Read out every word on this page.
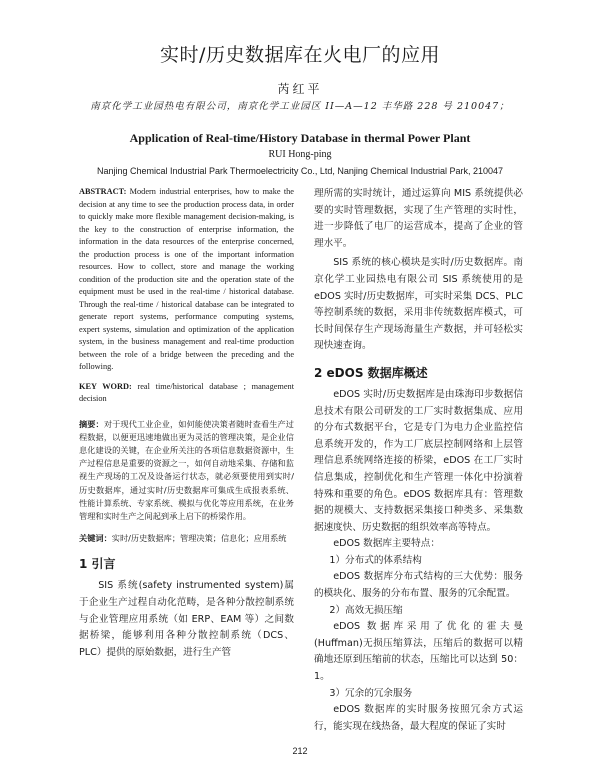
实时/历史数据库在火电厂的应用
芮红平
南京化学工业园热电有限公司，南京化学工业园区 II—A—12 丰华路 228 号 210047；
Application of Real-time/History Database in thermal Power Plant
RUI Hong-ping
Nanjing Chemical Industrial Park Thermoelectricity Co., Ltd, Nanjing Chemical Industrial Park, 210047

ABSTRACT: Modern industrial enterprises, how to make the decision at any time to see the production process data, in order to quickly make more flexible management decision-making, is the key to the construction of enterprise information, the information in the data resources of the enterprise concerned, the production process is one of the important information resources. How to collect, store and manage the working condition of the production site and the operation state of the equipment must be used in the real-time / historical database. Through the real-time / historical database can be integrated to generate report systems, performance computing systems, expert systems, simulation and optimization of the application system, in the business management and real-time production between the role of a bridge between the preceding and the following.

KEY WORD: real time/historical database ; management decision

摘要：对于现代工业企业，如何能使决策者随时查看生产过程数据，以便更迅速地做出更为灵活的管理决策，是企业信息化建设的关键，在企业所关注的各项信息数据资源中，生产过程信息是重要的资源之一，如何自动地采集、存储和监视生产现场的工况及设备运行状态，就必须要使用到实时/历史数据库，通过实时/历史数据库可集成生成报表系统、性能计算系统、专家系统、模拟与优化等应用系统，在业务管理和实时生产之间起到承上启下的桥梁作用。

关键词：实时/历史数据库；管理决策；信息化；应用系统

1 引言

SIS 系统(safety instrumented system)属于企业生产过程自动化范畴，是各种分散控制系统与企业管理应用系统（如 ERP、EAM 等）之间数据桥梁，能够利用各种分散控制系统（DCS、PLC）提供的原始数据，进行生产管

理所需的实时统计，通过运算向 MIS 系统提供必要的实时管理数据，实现了生产管理的实时性，进一步降低了电厂的运营成本，提高了企业的管理水平。

SIS 系统的核心模块是实时/历史数据库。南京化学工业园热电有限公司 SIS 系统使用的是 eDOS 实时/历史数据库，可实时采集 DCS、PLC 等控制系统的数据，采用非传统数据库模式，可长时间保存生产现场海量生产数据，并可轻松实现快速查询。

2 eDOS 数据库概述

eDOS 实时/历史数据库是由珠海印步数据信息技术有限公司研发的工厂实时数据集成、应用的分布式数据平台，它是专门为电力企业监控信息系统开发的，作为工厂底层控制网络和上层管理信息系统网络连接的桥梁，eDOS 在工厂实时信息集成，控制优化和生产管理一体化中扮演着特殊和重要的角色。eDOS 数据库具有：管理数据的规模大、支持数据采集接口种类多、采集数据速度快、历史数据的组织效率高等特点。

eDOS 数据库主要特点：

1）分布式的体系结构

eDOS 数据库分布式结构的三大优势：服务的模块化、服务的分布布置、服务的冗余配置。

2）高效无损压缩

eDOS 数据库采用了优化的霍夫曼(Huffman)无损压缩算法，压缩后的数据可以精确地还原到压缩前的状态，压缩比可以达到 50：1。

3）冗余的冗余服务

eDOS 数据库的实时服务按照冗余方式运行，能实现在线热备，最大程度的保证了实时

212
